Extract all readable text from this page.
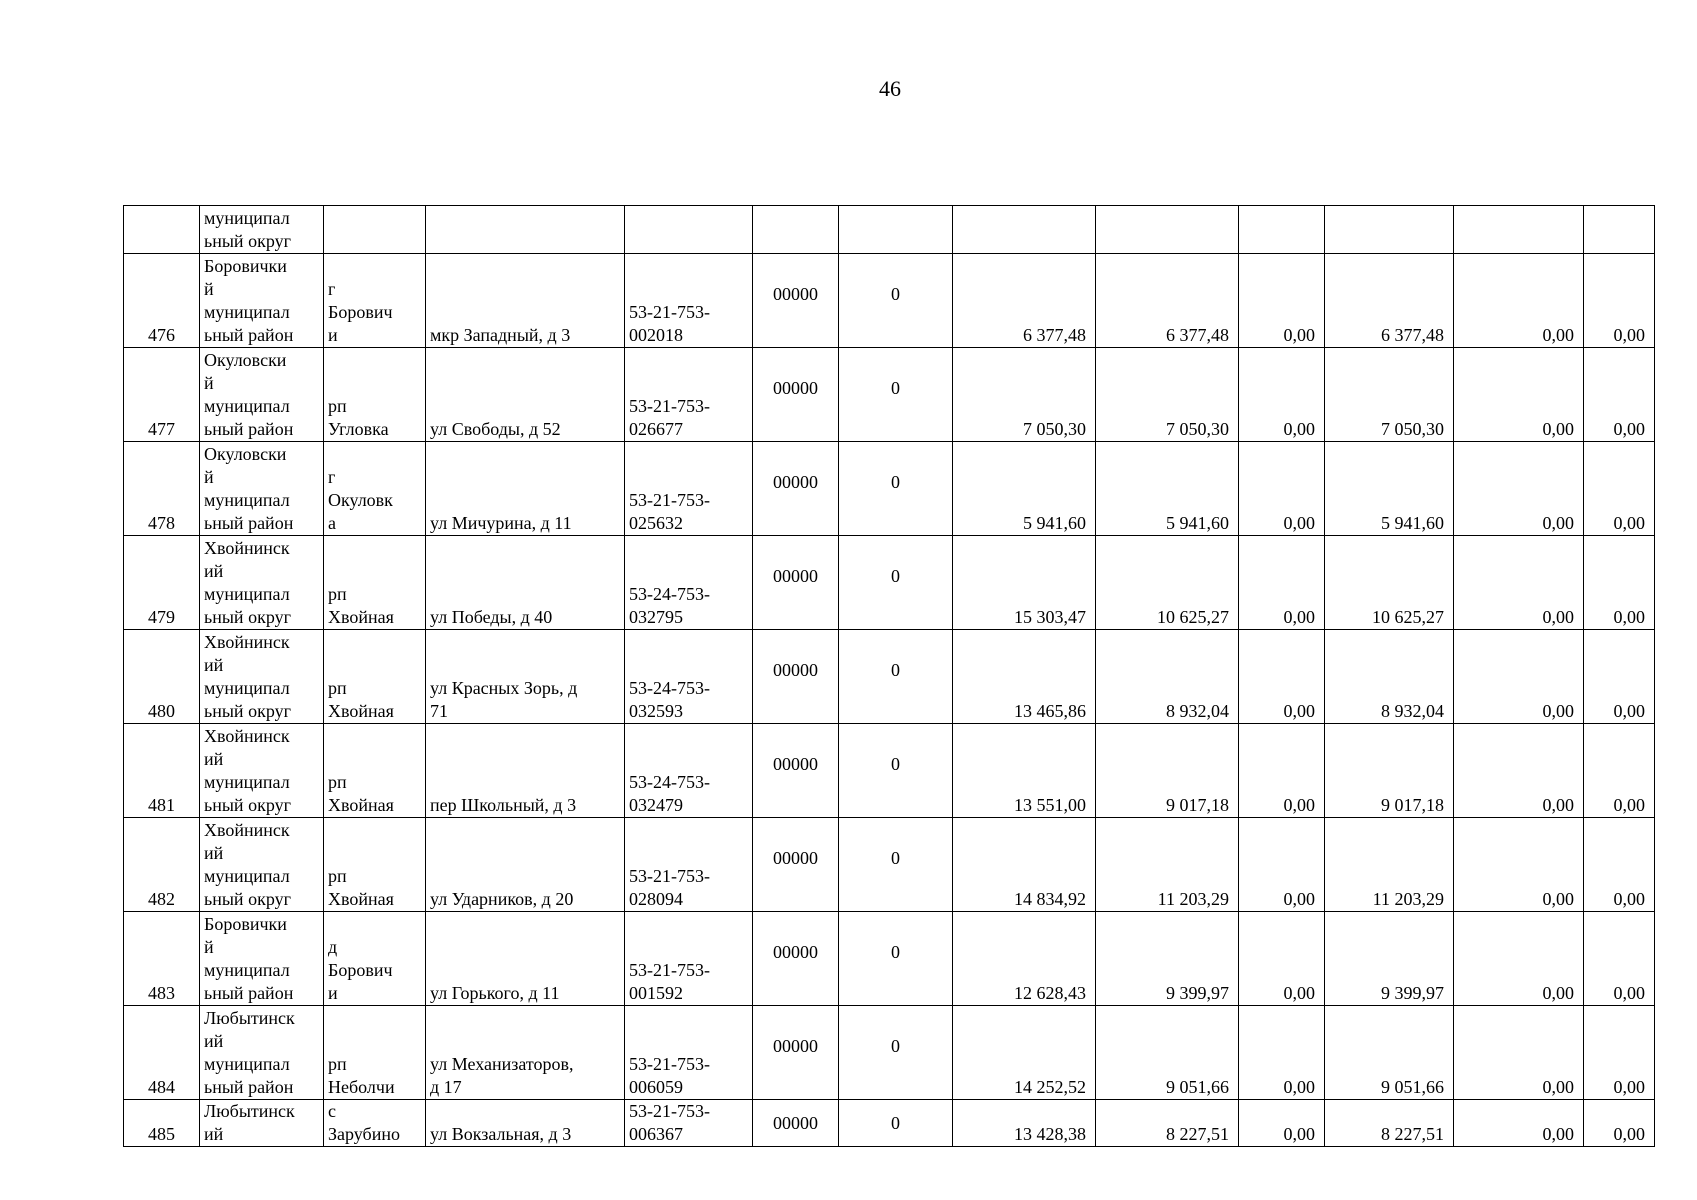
46
	муниципал
ьный округ											
476	Боровички
й
муниципал
ьный район	г
Борович
и	мкр Западный, д 3	53-21-753-
002018	00000	0	6 377,48	6 377,48	0,00	6 377,48	0,00	0,00
477	Окуловски
й
муниципал
ьный район	рп
Угловка	ул Свободы, д 52	53-21-753-
026677	00000	0	7 050,30	7 050,30	0,00	7 050,30	0,00	0,00
478	Окуловски
й
муниципал
ьный район	г
Окуловк
а	ул Мичурина, д 11	53-21-753-
025632	00000	0	5 941,60	5 941,60	0,00	5 941,60	0,00	0,00
479	Хвойнинск
ий
муниципал
ьный округ	рп
Хвойная	ул Победы, д 40	53-24-753-
032795	00000	0	15 303,47	10 625,27	0,00	10 625,27	0,00	0,00
480	Хвойнинск
ий
муниципал
ьный округ	рп
Хвойная	ул Красных Зорь, д
71	53-24-753-
032593	00000	0	13 465,86	8 932,04	0,00	8 932,04	0,00	0,00
481	Хвойнинск
ий
муниципал
ьный округ	рп
Хвойная	пер Школьный, д 3	53-24-753-
032479	00000	0	13 551,00	9 017,18	0,00	9 017,18	0,00	0,00
482	Хвойнинск
ий
муниципал
ьный округ	рп
Хвойная	ул Ударников, д 20	53-21-753-
028094	00000	0	14 834,92	11 203,29	0,00	11 203,29	0,00	0,00
483	Боровички
й
муниципал
ьный район	д
Борович
и	ул Горького, д 11	53-21-753-
001592	00000	0	12 628,43	9 399,97	0,00	9 399,97	0,00	0,00
484	Любытинск
ий
муниципал
ьный район	рп
Неболчи	ул Механизаторов,
д 17	53-21-753-
006059	00000	0	14 252,52	9 051,66	0,00	9 051,66	0,00	0,00
485	Любытинск
ий	с
Зарубино	ул Вокзальная, д 3	53-21-753-
006367	00000	0	13 428,38	8 227,51	0,00	8 227,51	0,00	0,00
